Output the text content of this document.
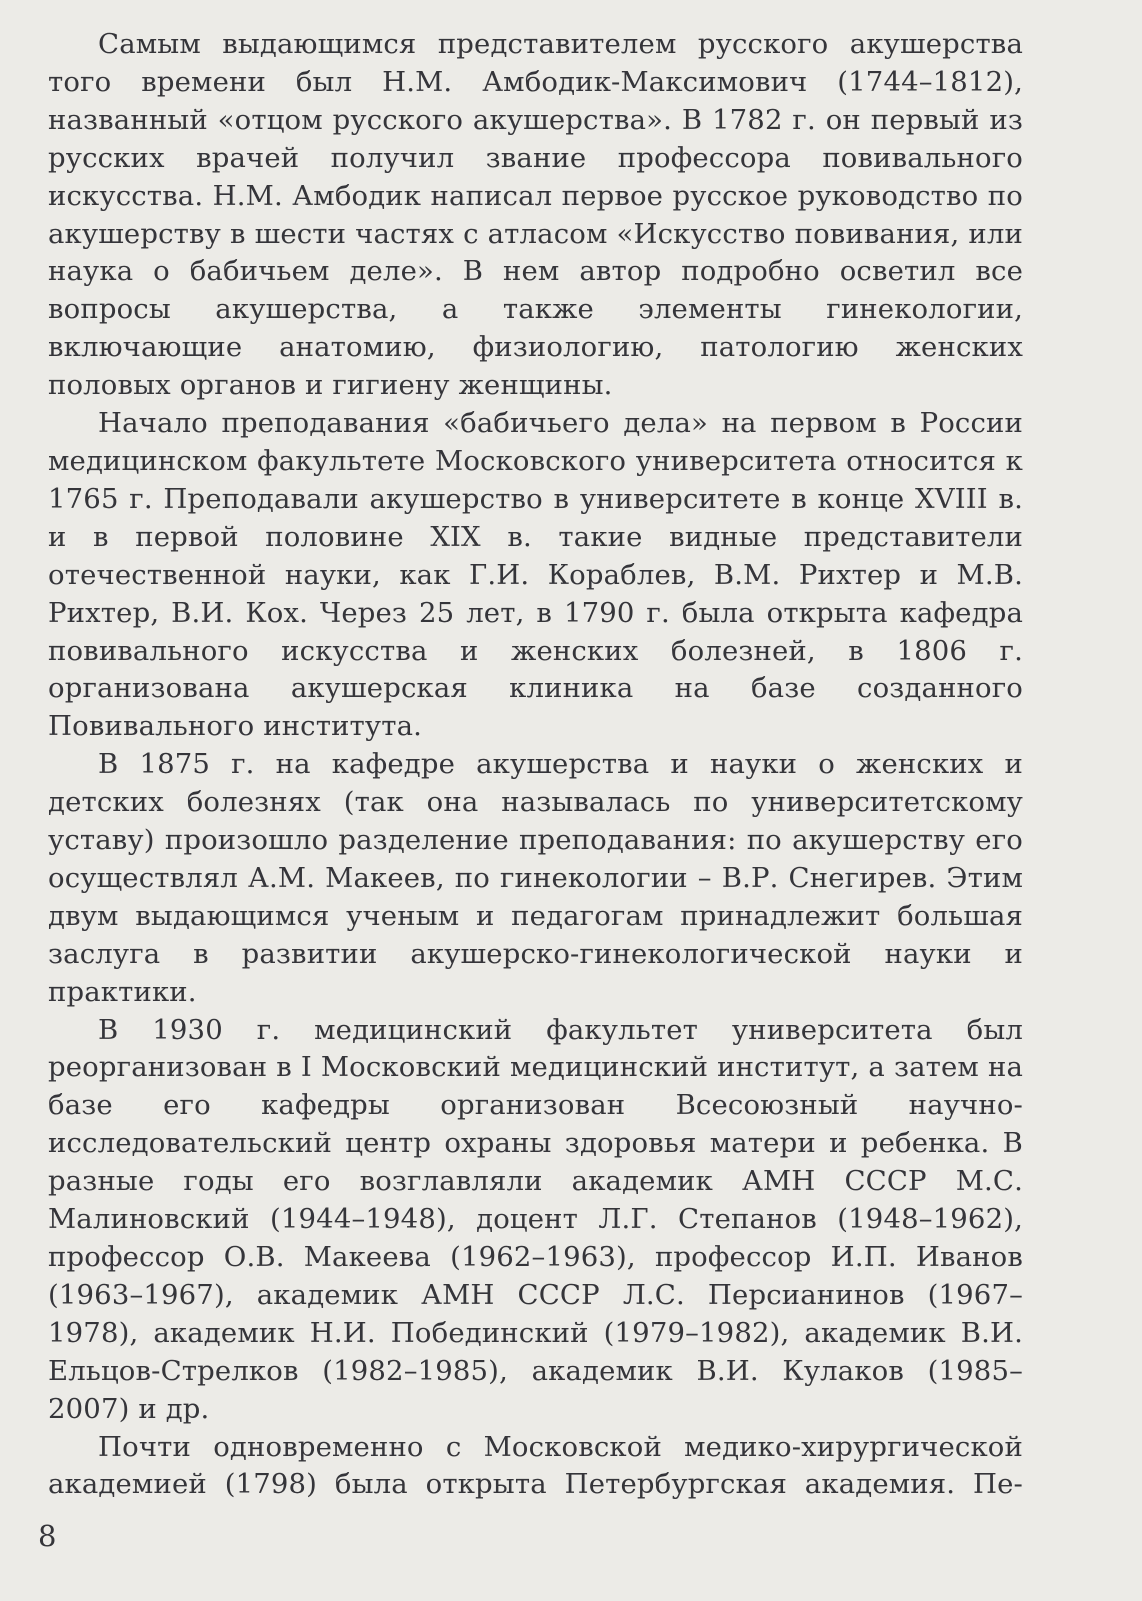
Самым выдающимся представителем русского акушерства того времени был Н.М. Амбодик-Максимович (1744–1812), названный «отцом русского акушерства». В 1782 г. он первый из русских врачей получил звание профессора повивального искусства. Н.М. Амбодик написал первое русское руководство по акушерству в шести частях с атласом «Искусство повивания, или наука о бабичьем деле». В нем автор подробно осветил все вопросы акушерства, а также элементы гинекологии, включающие анатомию, физиологию, патологию женских половых органов и гигиену женщины.

Начало преподавания «бабичьего дела» на первом в России медицинском факультете Московского университета относится к 1765 г. Преподавали акушерство в университете в конце XVIII в. и в первой половине XIX в. такие видные представители отечественной науки, как Г.И. Кораблев, В.М. Рихтер и М.В. Рихтер, В.И. Кох. Через 25 лет, в 1790 г. была открыта кафедра повивального искусства и женских болезней, в 1806 г. организована акушерская клиника на базе созданного Повивального института.

В 1875 г. на кафедре акушерства и науки о женских и детских болезнях (так она называлась по университетскому уставу) произошло разделение преподавания: по акушерству его осуществлял А.М. Макеев, по гинекологии – В.Р. Снегирев. Этим двум выдающимся ученым и педагогам принадлежит большая заслуга в развитии акушерско-гинекологической науки и практики.

В 1930 г. медицинский факультет университета был реорганизован в I Московский медицинский институт, а затем на базе его кафедры организован Всесоюзный научно-исследовательский центр охраны здоровья матери и ребенка. В разные годы его возглавляли академик АМН СССР М.С. Малиновский (1944–1948), доцент Л.Г. Степанов (1948–1962), профессор О.В. Макеева (1962–1963), профессор И.П. Иванов (1963–1967), академик АМН СССР Л.С. Персианинов (1967–1978), академик Н.И. Побединский (1979–1982), академик В.И. Ельцов-Стрелков (1982–1985), академик В.И. Кулаков (1985–2007) и др.

Почти одновременно с Московской медико-хирургической академией (1798) была открыта Петербургская академия. Пе-

8
